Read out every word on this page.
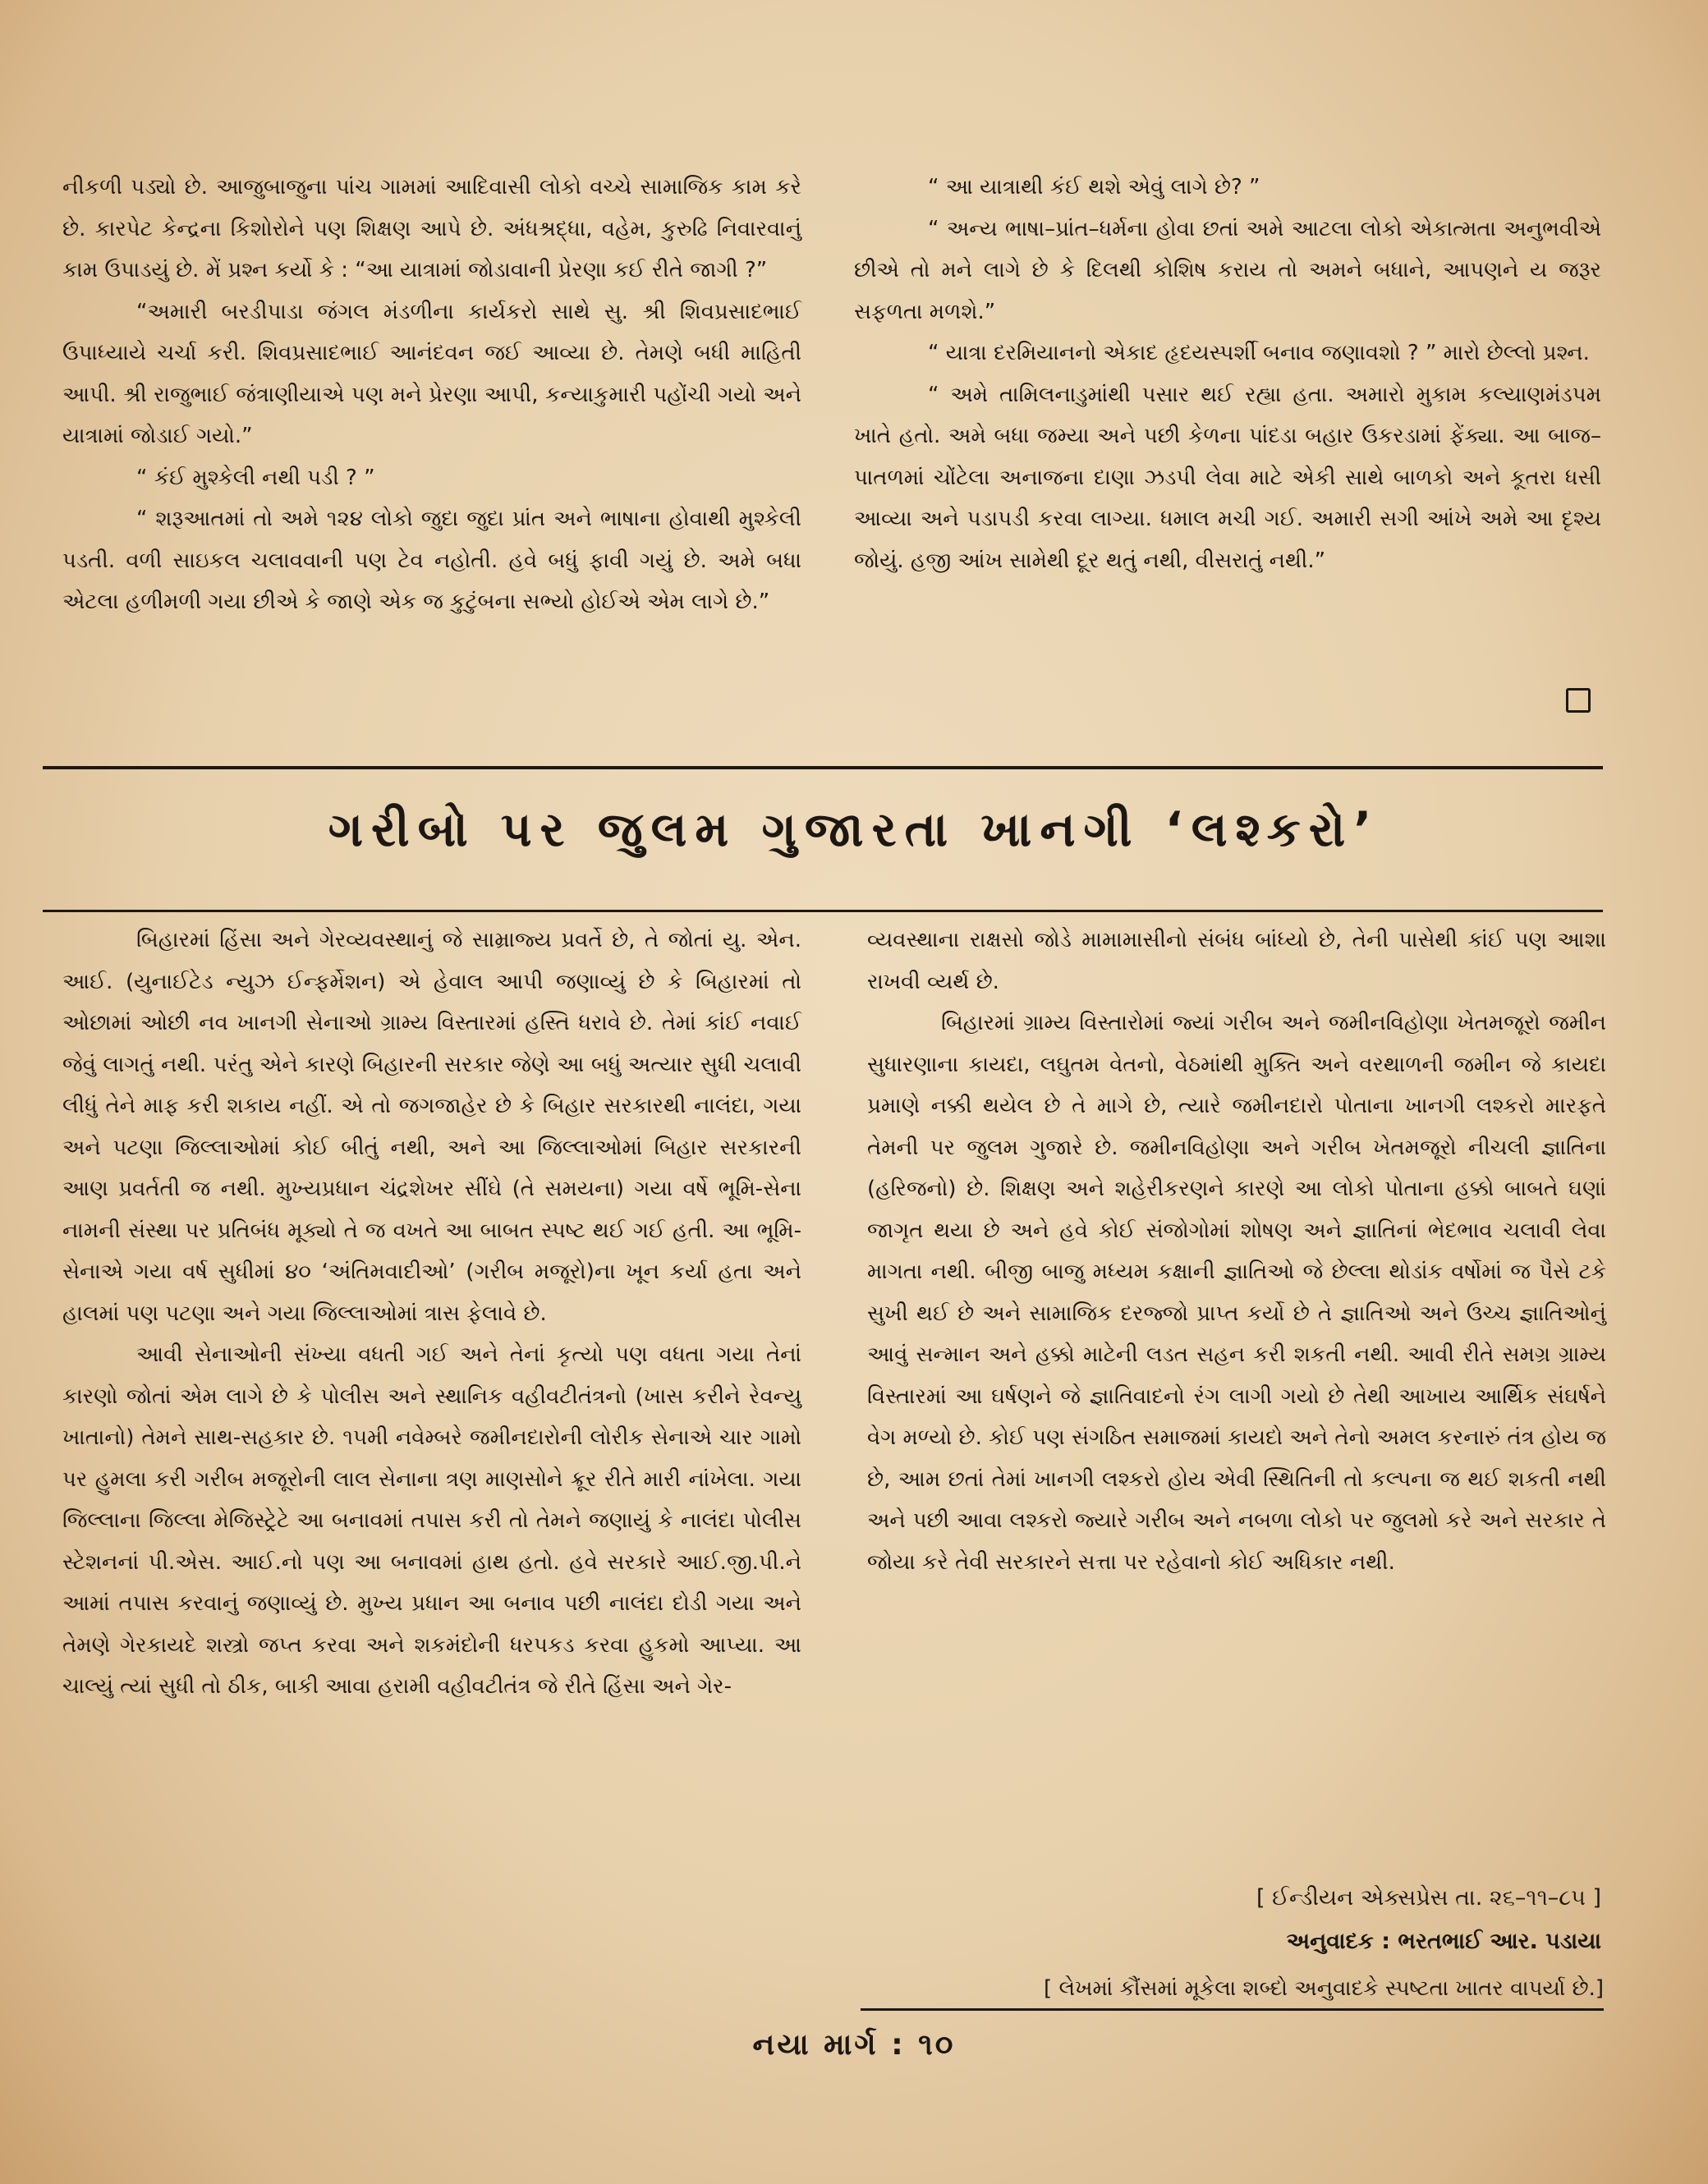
નીકળી પડ્યો છે. આજુબાજુના પાંચ ગામમાં આદિવાસી લોકો વચ્ચે સામાજિક કામ કરે છે. કારપેટ કેન્દ્રના કિશોરોને પણ શિક્ષણ આપે છે. અંધશ્રદ્ધા, વહેમ, કુરુઢિ નિવારવાનું કામ ઉપાડયું છે. મેં પ્રશ્ન કર્યો કે : “આ યાત્રામાં જોડાવાની પ્રેરણા કઈ રીતે જાગી ?”

“અમારી બરડીપાડા જંગલ મંડળીના કાર્યકરો સાથે સુ. શ્રી શિવપ્રસાદભાઈ ઉપાધ્યાયે ચર્ચા કરી. શિવપ્રસાદભાઈ આનંદવન જઈ આવ્યા છે. તેમણે બધી માહિતી આપી. શ્રી રાજુભાઈ જંત્રાણીયાએ પણ મને પ્રેરણા આપી, કન્યાકુમારી પહોંચી ગયો અને યાત્રામાં જોડાઈ ગયો.”

“ કંઈ મુશ્કેલી નથી પડી ? ”

“ શરૂઆતમાં તો અમે ૧૨૪ લોકો જુદા જુદા પ્રાંત અને ભાષાના હોવાથી મુશ્કેલી પડતી. વળી સાઇકલ ચલાવવાની પણ ટેવ નહોતી. હવે બધું ફાવી ગયું છે. અમે બધા એટલા હળીમળી ગયા છીએ કે જાણે એક જ કુટુંબના સભ્યો હોઈએ એમ લાગે છે.”

“ આ યાત્રાથી કંઈ થશે એવું લાગે છે? ”

“ અન્ય ભાષા–પ્રાંત–ધર્મના હોવા છતાં અમે આટલા લોકો એકાત્મતા અનુભવીએ છીએ તો મને લાગે છે કે દિલથી કોશિષ કરાય તો અમને બધાને, આપણને ય જરૂર સફળતા મળશે.”

“ યાત્રા દરમિયાનનો એકાદ હૃદયસ્પર્શી બનાવ જણાવશો ? ” મારો છેલ્લો પ્રશ્ન.

“ અમે તામિલનાડુમાંથી પસાર થઈ રહ્યા હતા. અમારો મુકામ કલ્યાણમંડપમ ખાતે હતો. અમે બધા જમ્યા અને પછી કેળના પાંદડા બહાર ઉકરડામાં ફેંક્યા. આ બાજ–પાતળમાં ચોંટેલા અનાજના દાણા ઝડપી લેવા માટે એકી સાથે બાળકો અને કૂતરા ધસી આવ્યા અને પડાપડી કરવા લાગ્યા. ધમાલ મચી ગઈ. અમારી સગી આંખે અમે આ દૃશ્ય જોયું. હજી આંખ સામેથી દૂર થતું નથી, વીસરાતું નથી.”

ગરીબો પર જુલમ ગુજારતા ખાનગી ‘લશ્કરો’

બિહારમાં હિંસા અને ગેરવ્યવસ્થાનું જે સામ્રાજ્ય પ્રવર્તે છે, તે જોતાં યુ. એન. આઈ. (યુનાઈટેડ ન્યુઝ ઈન્ફર્મેશન) એ હેવાલ આપી જણાવ્યું છે કે બિહારમાં તો ઓછામાં ઓછી નવ ખાનગી સેનાઓ ગ્રામ્ય વિસ્તારમાં હસ્તિ ધરાવે છે. તેમાં કાંઈ નવાઈ જેવું લાગતું નથી. પરંતુ એને કારણે બિહારની સરકાર જેણે આ બધું અત્યાર સુધી ચલાવી લીધું તેને માફ કરી શકાય નહીં. એ તો જગજાહેર છે કે બિહાર સરકારથી નાલંદા, ગયા અને પટણા જિલ્લાઓમાં કોઈ બીતું નથી, અને આ જિલ્લાઓમાં બિહાર સરકારની આણ પ્રવર્તતી જ નથી. મુખ્યપ્રધાન ચંદ્રશેખર સીંઘે (તે સમયના) ગયા વર્ષે ભૂમિ-સેના નામની સંસ્થા પર પ્રતિબંધ મૂક્યો તે જ વખતે આ બાબત સ્પષ્ટ થઈ ગઈ હતી. આ ભૂમિ-સેનાએ ગયા વર્ષ સુધીમાં ૪૦ ‘અંતિમવાદીઓ’ (ગરીબ મજૂરો)ના ખૂન કર્યા હતા અને હાલમાં પણ પટણા અને ગયા જિલ્લાઓમાં ત્રાસ ફેલાવે છે.

આવી સેનાઓની સંખ્યા વધતી ગઈ અને તેનાં કૃત્યો પણ વધતા ગયા તેનાં કારણો જોતાં એમ લાગે છે કે પોલીસ અને સ્થાનિક વહીવટીતંત્રનો (ખાસ કરીને રેવન્યુ ખાતાનો) તેમને સાથ-સહકાર છે. ૧૫મી નવેમ્બરે જમીનદારોની લોરીક સેનાએ ચાર ગામો પર હુમલા કરી ગરીબ મજૂરોની લાલ સેનાના ત્રણ માણસોને ક્રૂર રીતે મારી નાંખેલા. ગયા જિલ્લાના જિલ્લા મેજિસ્ટ્રેટે આ બનાવમાં તપાસ કરી તો તેમને જણાયું કે નાલંદા પોલીસ સ્ટેશનનાં પી.એસ. આઈ.નો પણ આ બનાવમાં હાથ હતો. હવે સરકારે આઈ.જી.પી.ને આમાં તપાસ કરવાનું જણાવ્યું છે. મુખ્ય પ્રધાન આ બનાવ પછી નાલંદા દોડી ગયા અને તેમણે ગેરકાયદે શસ્ત્રો જપ્ત કરવા અને શકમંદોની ધરપકડ કરવા હુકમો આપ્યા. આ ચાલ્યું ત્યાં સુધી તો ઠીક, બાકી આવા હરામી વહીવટીતંત્ર જે રીતે હિંસા અને ગેર-

વ્યવસ્થાના રાક્ષસો જોડે મામામાસીનો સંબંધ બાંધ્યો છે, તેની પાસેથી કાંઈ પણ આશા રાખવી વ્યર્થ છે.

બિહારમાં ગ્રામ્ય વિસ્તારોમાં જ્યાં ગરીબ અને જમીનવિહોણા ખેતમજૂરો જમીન સુધારણાના કાયદા, લઘુતમ વેતનો, વેઠમાંથી મુક્તિ અને વરથાળની જમીન જે કાયદા પ્રમાણે નક્કી થયેલ છે તે માગે છે, ત્યારે જમીનદારો પોતાના ખાનગી લશ્કરો મારફતે તેમની પર જુલમ ગુજારે છે. જમીનવિહોણા અને ગરીબ ખેતમજૂરો નીચલી જ્ઞાતિના (હરિજનો) છે. શિક્ષણ અને શહેરીકરણને કારણે આ લોકો પોતાના હક્કો બાબતે ઘણાં જાગૃત થયા છે અને હવે કોઈ સંજોગોમાં શોષણ અને જ્ઞાતિનાં ભેદભાવ ચલાવી લેવા માગતા નથી. બીજી બાજુ મધ્યમ કક્ષાની જ્ઞાતિઓ જે છેલ્લા થોડાંક વર્ષોમાં જ પૈસે ટકે સુખી થઈ છે અને સામાજિક દરજ્જો પ્રાપ્ત કર્યો છે તે જ્ઞાતિઓ અને ઉચ્ચ જ્ઞાતિઓનું આવું સન્માન અને હક્કો માટેની લડત સહન કરી શકતી નથી. આવી રીતે સમગ્ર ગ્રામ્ય વિસ્તારમાં આ ઘર્ષણને જે જ્ઞાતિવાદનો રંગ લાગી ગયો છે તેથી આખાય આર્થિક સંઘર્ષને વેગ મળ્યો છે. કોઈ પણ સંગઠિત સમાજમાં કાયદો અને તેનો અમલ કરનારું તંત્ર હોય જ છે, આમ છતાં તેમાં ખાનગી લશ્કરો હોય એવી સ્થિતિની તો કલ્પના જ થઈ શકતી નથી અને પછી આવા લશ્કરો જ્યારે ગરીબ અને નબળા લોકો પર જુલમો કરે અને સરકાર તે જોયા કરે તેવી સરકારને સત્તા પર રહેવાનો કોઈ અધિકાર નથી.

[ ઈન્ડીયન એક્સપ્રેસ તા. ૨૬–૧૧–૮૫ ]
અનુવાદક : ભરતભાઈ આર. પડાયા
[ લેખમાં કૌંસમાં મૂકેલા શબ્દો અનુવાદકે સ્પષ્ટતા ખાતર વાપર્યા છે.]
નયા માર્ગ : ૧૦
